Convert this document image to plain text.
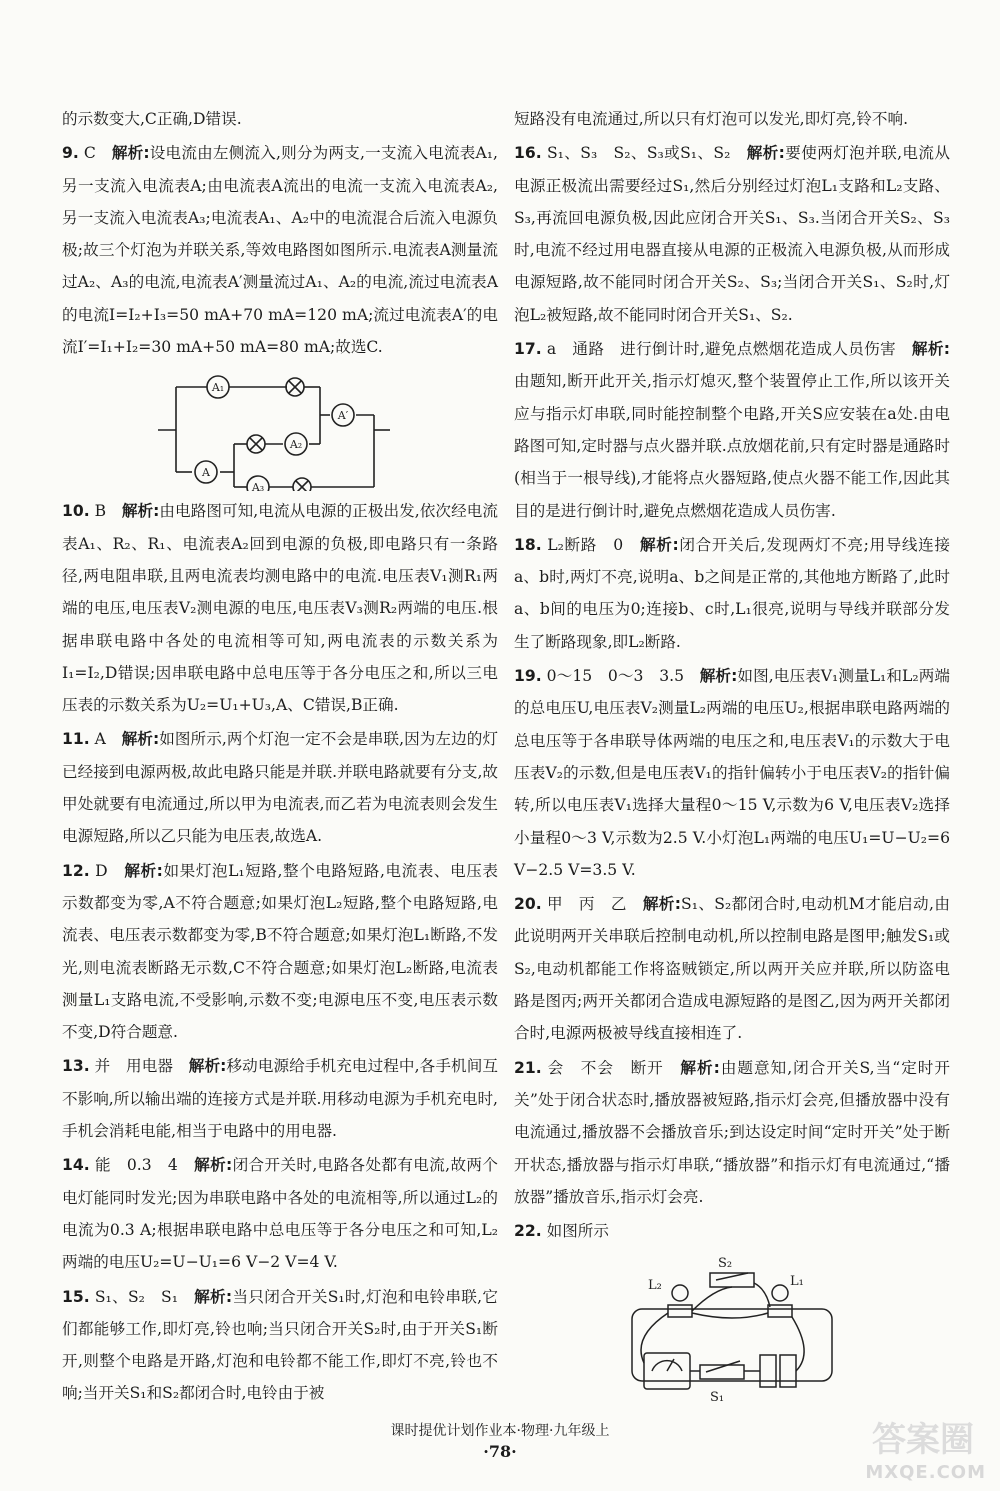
的示数变大,C正确,D错误.
9. C　 解析:设电流由左侧流入,则分为两支,一支流入电流表A₁,另一支流入电流表A;由电流表A流出的电流一支流入电流表A₂,另一支流入电流表A₃;电流表A₁、A₂中的电流混合后流入电源负极;故三个灯泡为并联关系,等效电路图如图所示.电流表A测量流过A₂、A₃的电流,电流表A′测量流过A₁、A₂的电流,流过电流表A的电流I=I₂+I₃=50 mA+70 mA=120 mA;流过电流表A′的电流I′=I₁+I₂=30 mA+50 mA=80 mA;故选C.
A₁
A
A₂
A₃
A′
10. B　 解析:由电路图可知,电流从电源的正极出发,依次经电流表A₁、R₂、R₁、电流表A₂回到电源的负极,即电路只有一条路径,两电阻串联,且两电流表均测电路中的电流.电压表V₁测R₁两端的电压,电压表V₂测电源的电压,电压表V₃测R₂两端的电压.根据串联电路中各处的电流相等可知,两电流表的示数关系为I₁=I₂,D错误;因串联电路中总电压等于各分电压之和,所以三电压表的示数关系为U₂=U₁+U₃,A、C错误,B正确.
11. A　 解析:如图所示,两个灯泡一定不会是串联,因为左边的灯已经接到电源两极,故此电路只能是并联.并联电路就要有分支,故甲处就要有电流通过,所以甲为电流表,而乙若为电流表则会发生电源短路,所以乙只能为电压表,故选A.
12. D　 解析:如果灯泡L₁短路,整个电路短路,电流表、电压表示数都变为零,A不符合题意;如果灯泡L₂短路,整个电路短路,电流表、电压表示数都变为零,B不符合题意;如果灯泡L₁断路,不发光,则电流表断路无示数,C不符合题意;如果灯泡L₂断路,电流表测量L₁支路电流,不受影响,示数不变;电源电压不变,电压表示数不变,D符合题意.
13. 并　用电器　 解析:移动电源给手机充电过程中,各手机间互不影响,所以输出端的连接方式是并联.用移动电源为手机充电时,手机会消耗电能,相当于电路中的用电器.
14. 能　0.3　4　 解析:闭合开关时,电路各处都有电流,故两个电灯能同时发光;因为串联电路中各处的电流相等,所以通过L₂的电流为0.3 A;根据串联电路中总电压等于各分电压之和可知,L₂两端的电压U₂=U−U₁=6 V−2 V=4 V.
15. S₁、S₂　S₁　 解析:当只闭合开关S₁时,灯泡和电铃串联,它们都能够工作,即灯亮,铃也响;当只闭合开关S₂时,由于开关S₁断开,则整个电路是开路,灯泡和电铃都不能工作,即灯不亮,铃也不响;当开关S₁和S₂都闭合时,电铃由于被
短路没有电流通过,所以只有灯泡可以发光,即灯亮,铃不响.
16. S₁、S₃　S₂、S₃或S₁、S₂　 解析:要使两灯泡并联,电流从电源正极流出需要经过S₁,然后分别经过灯泡L₁支路和L₂支路、S₃,再流回电源负极,因此应闭合开关S₁、S₃.当闭合开关S₂、S₃时,电流不经过用电器直接从电源的正极流入电源负极,从而形成电源短路,故不能同时闭合开关S₂、S₃;当闭合开关S₁、S₂时,灯泡L₂被短路,故不能同时闭合开关S₁、S₂.
17. a　通路　进行倒计时,避免点燃烟花造成人员伤害　 解析:由题知,断开此开关,指示灯熄灭,整个装置停止工作,所以该开关应与指示灯串联,同时能控制整个电路,开关S应安装在a处.由电路图可知,定时器与点火器并联.点放烟花前,只有定时器是通路时(相当于一根导线),才能将点火器短路,使点火器不能工作,因此其目的是进行倒计时,避免点燃烟花造成人员伤害.
18. L₂断路　0　 解析:闭合开关后,发现两灯不亮;用导线连接a、b时,两灯不亮,说明a、b之间是正常的,其他地方断路了,此时a、b间的电压为0;连接b、c时,L₁很亮,说明与导线并联部分发生了断路现象,即L₂断路.
19. 0～15　0～3　3.5　 解析:如图,电压表V₁测量L₁和L₂两端的总电压U,电压表V₂测量L₂两端的电压U₂,根据串联电路两端的总电压等于各串联导体两端的电压之和,电压表V₁的示数大于电压表V₂的示数,但是电压表V₁的指针偏转小于电压表V₂的指针偏转,所以电压表V₁选择大量程0～15 V,示数为6 V,电压表V₂选择小量程0～3 V,示数为2.5 V.小灯泡L₁两端的电压U₁=U−U₂=6 V−2.5 V=3.5 V.
20. 甲　丙　乙　 解析:S₁、S₂都闭合时,电动机M才能启动,由此说明两开关串联后控制电动机,所以控制电路是图甲;触发S₁或S₂,电动机都能工作将盗贼锁定,所以两开关应并联,所以防盗电路是图丙;两开关都闭合造成电源短路的是图乙,因为两开关都闭合时,电源两极被导线直接相连了.
21. 会　不会　断开　 解析:由题意知,闭合开关S,当“定时开关”处于闭合状态时,播放器被短路,指示灯会亮,但播放器中没有电流通过,播放器不会播放音乐;到达设定时间“定时开关”处于断开状态,播放器与指示灯串联,“播放器”和指示灯有电流通过,“播放器”播放音乐,指示灯会亮.
22. 如图所示
S₂
S₁
L₁
L₂
课时提优计划作业本·物理·九年级上
·78·	答案圈
MXQE.COM
